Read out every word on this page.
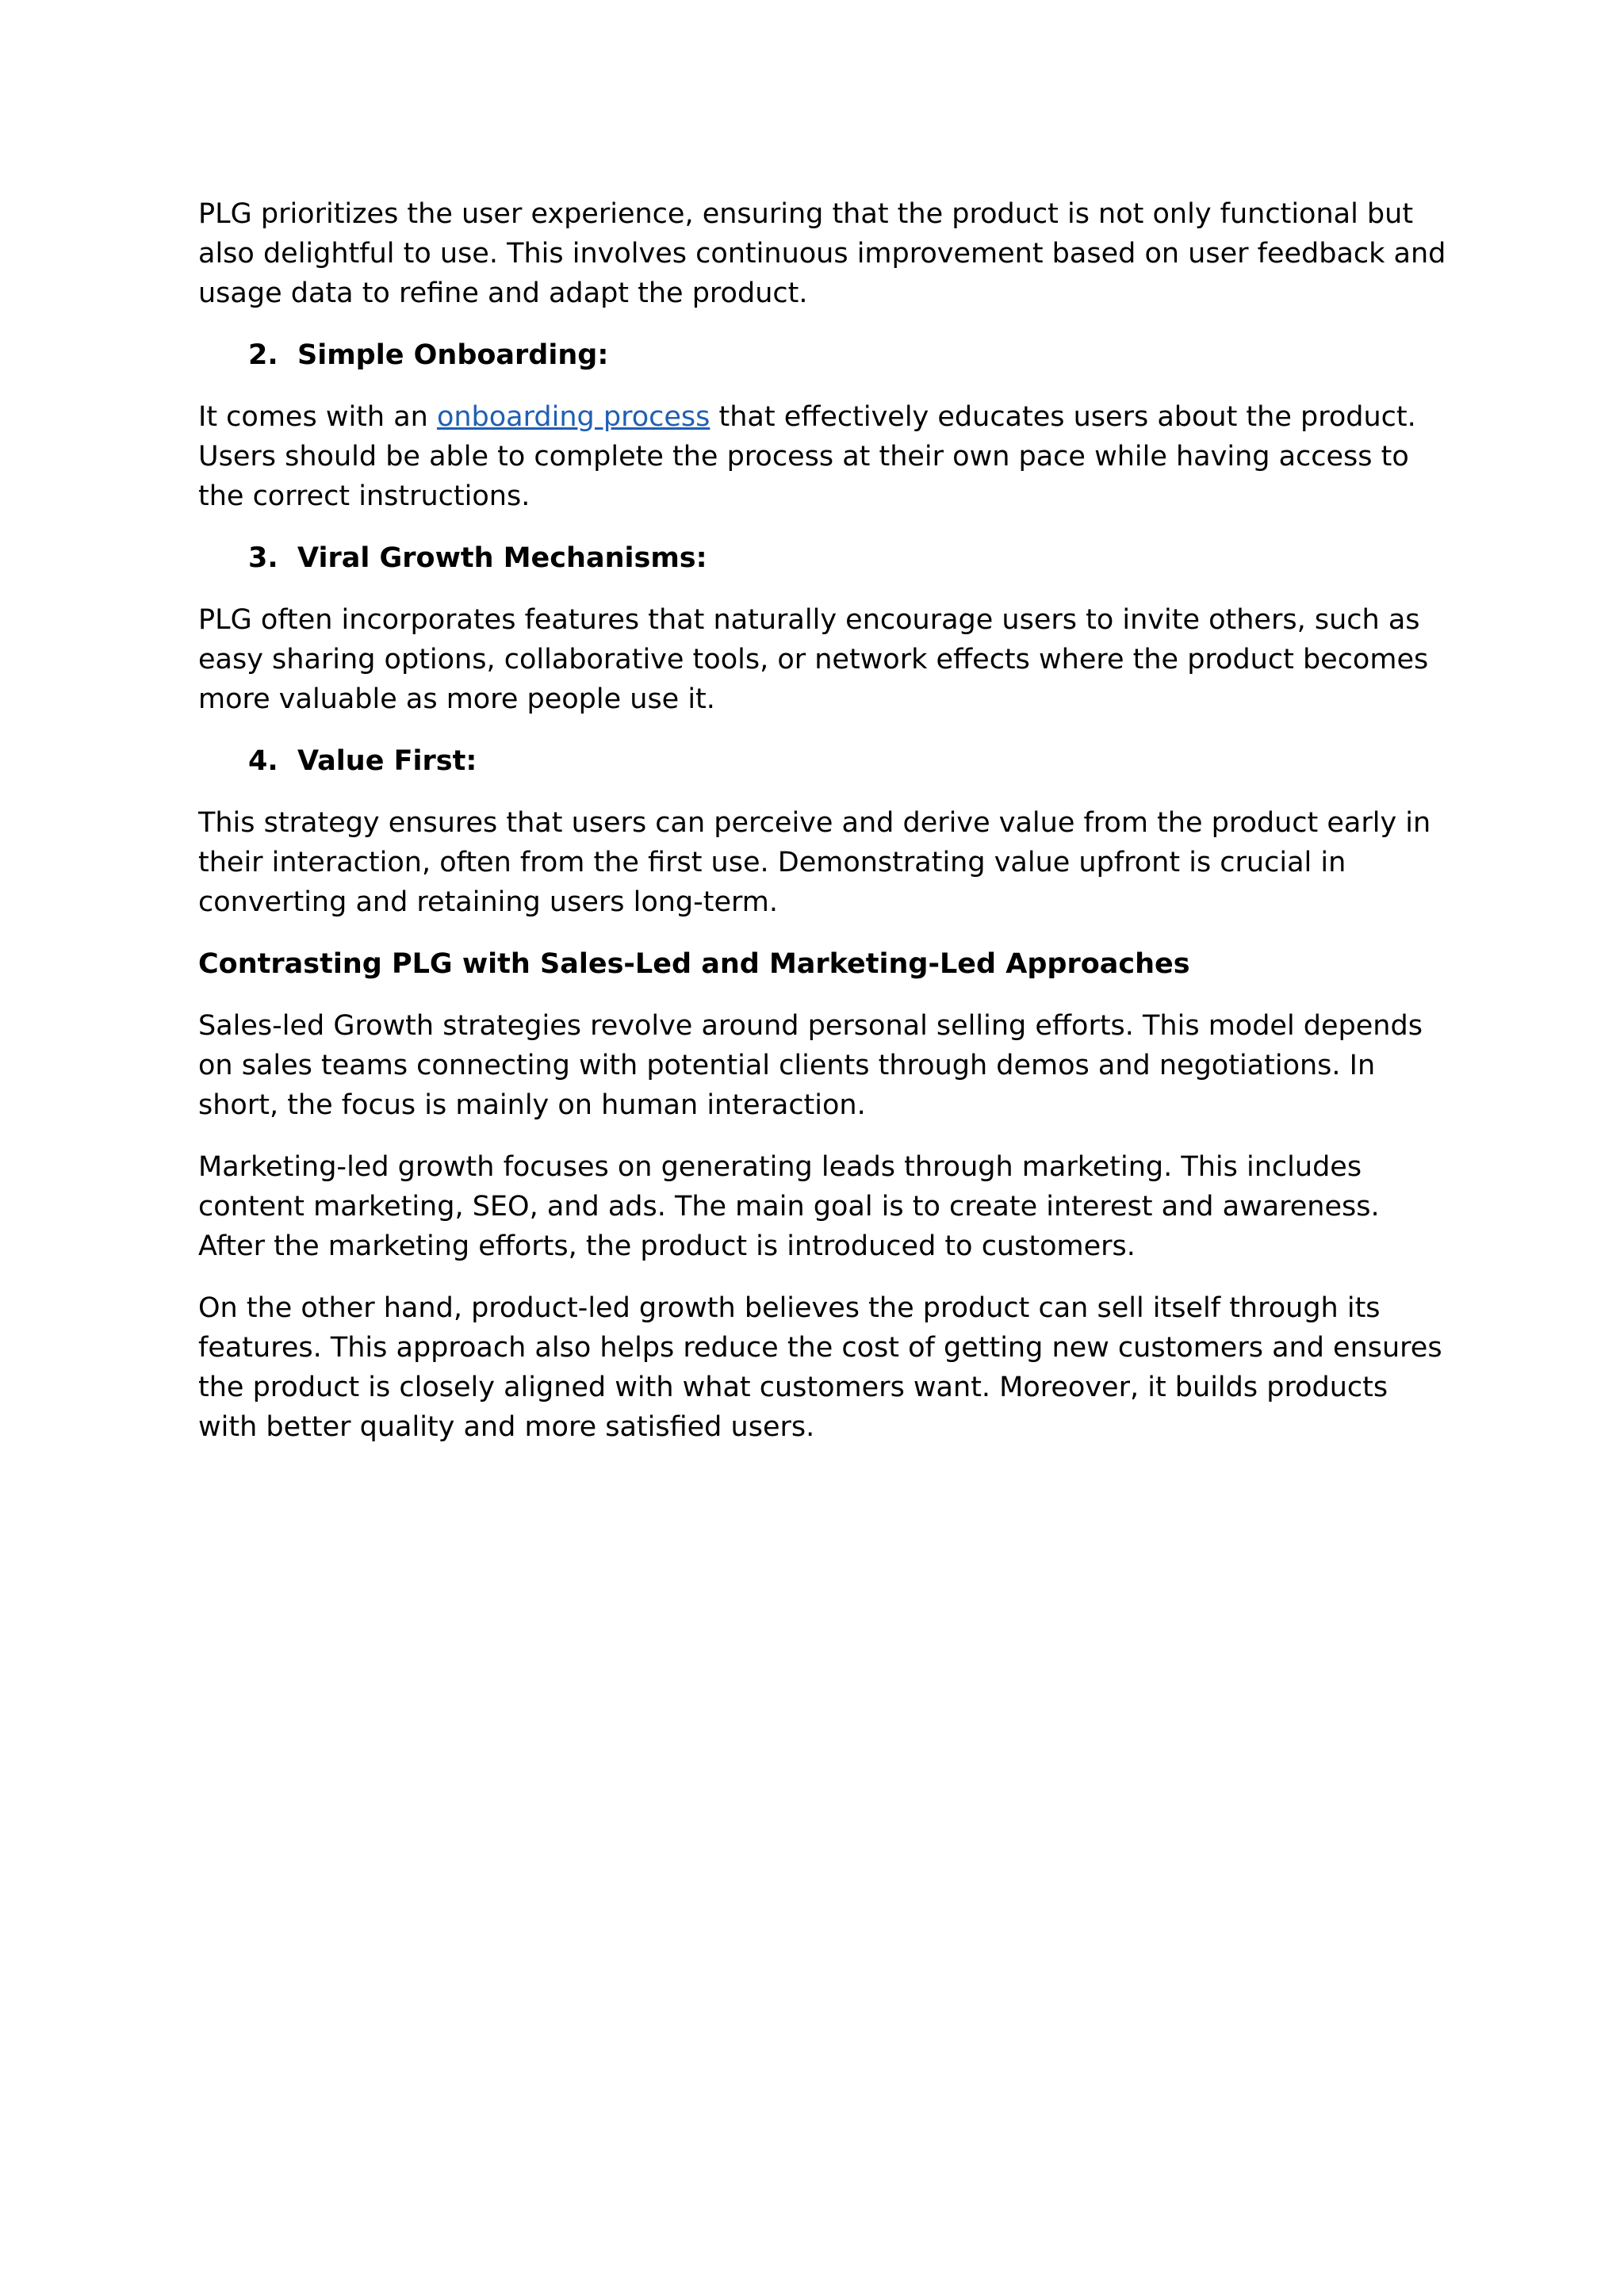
PLG prioritizes the user experience, ensuring that the product is not only functional but also delightful to use. This involves continuous improvement based on user feedback and usage data to refine and adapt the product.

2. Simple Onboarding:

It comes with an onboarding process that effectively educates users about the product. Users should be able to complete the process at their own pace while having access to the correct instructions.

3. Viral Growth Mechanisms:

PLG often incorporates features that naturally encourage users to invite others, such as easy sharing options, collaborative tools, or network effects where the product becomes more valuable as more people use it.

4. Value First:

This strategy ensures that users can perceive and derive value from the product early in their interaction, often from the first use. Demonstrating value upfront is crucial in converting and retaining users long-term.

Contrasting PLG with Sales-Led and Marketing-Led Approaches

Sales-led Growth strategies revolve around personal selling efforts. This model depends on sales teams connecting with potential clients through demos and negotiations. In short, the focus is mainly on human interaction.

Marketing-led growth focuses on generating leads through marketing. This includes content marketing, SEO, and ads. The main goal is to create interest and awareness. After the marketing efforts, the product is introduced to customers.

On the other hand, product-led growth believes the product can sell itself through its features. This approach also helps reduce the cost of getting new customers and ensures the product is closely aligned with what customers want. Moreover, it builds products with better quality and more satisfied users.
